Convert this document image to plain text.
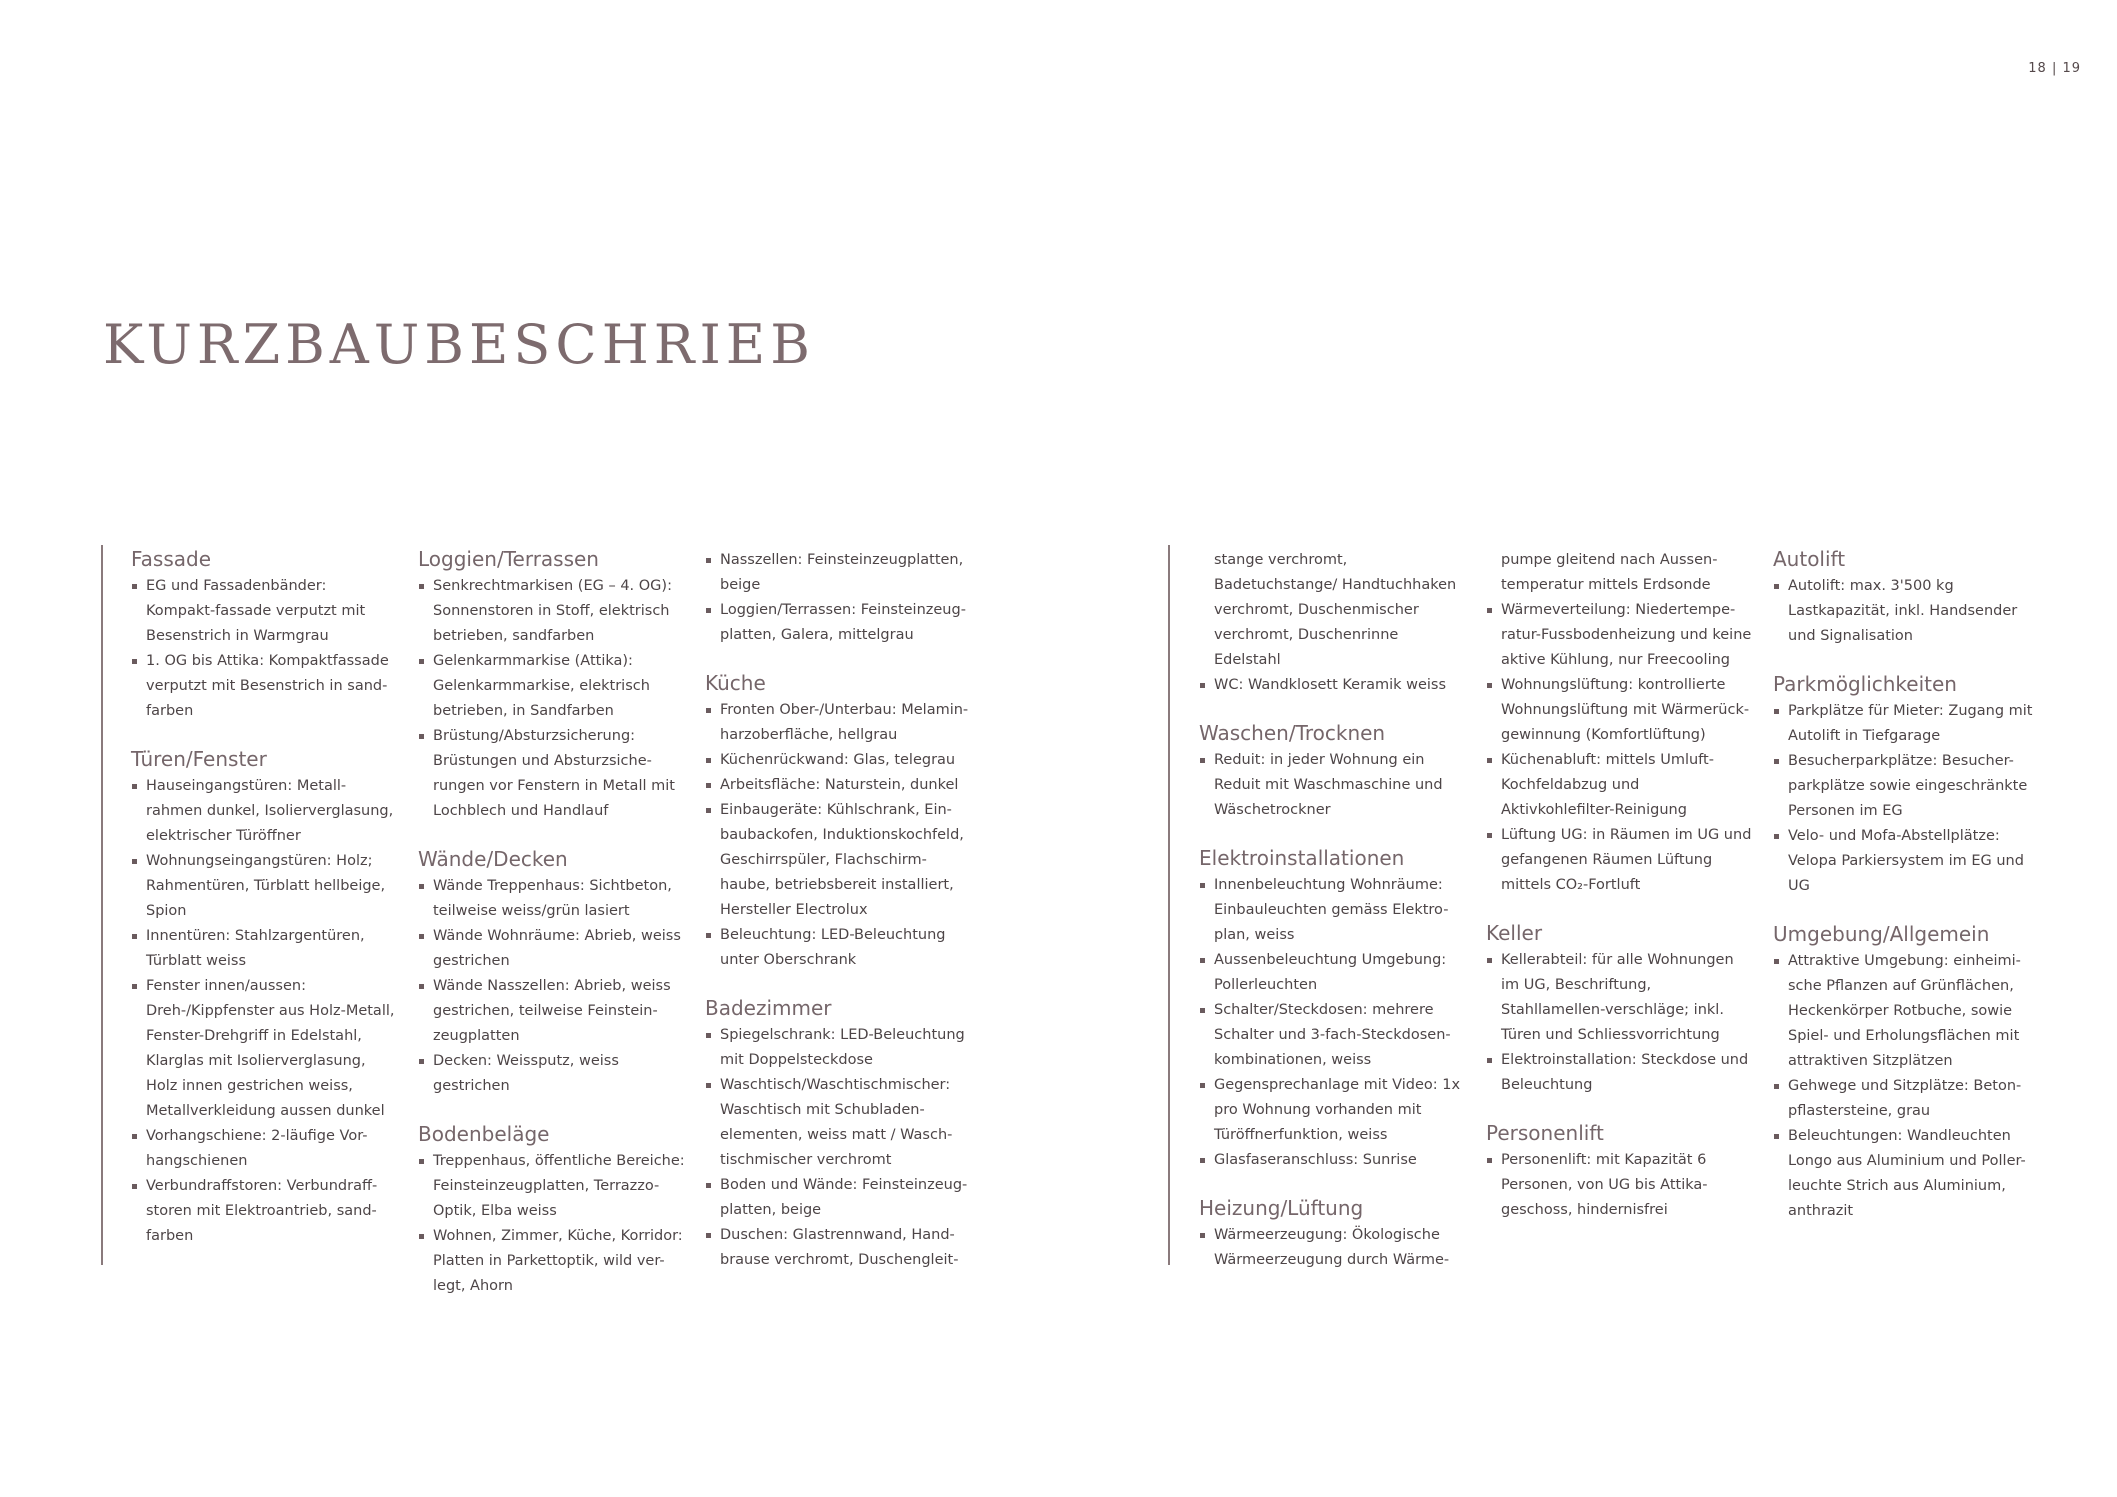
18 | 19
KURZBAUBESCHRIEB
Fassade
EG und Fassadenbänder: Kompakt-fassade verputzt mit Besenstrich in Warmgrau
1. OG bis Attika: Kompaktfassade verputzt mit Besenstrich in sand-farben
Türen/Fenster
Hauseingangstüren: Metall-rahmen dunkel, Isolierverglasung, elektrischer Türöffner
Wohnungseingangstüren: Holz; Rahmentüren, Türblatt hellbeige, Spion
Innentüren: Stahlzargentüren, Türblatt weiss
Fenster innen/aussen: Dreh-/Kippfenster aus Holz-Metall, Fenster-Drehgriff in Edelstahl, Klarglas mit Isolierverglasung, Holz innen gestrichen weiss, Metallverkleidung aussen dunkel
Vorhangschiene: 2-läufige Vor-hangschienen
Verbundraffstoren: Verbundraff-storen mit Elektroantrieb, sand-farben
Loggien/Terrassen
Senkrechtmarkisen (EG – 4. OG): Sonnenstoren in Stoff, elektrisch betrieben, sandfarben
Gelenkarmmarkise (Attika): Gelenkarmmarkise, elektrisch betrieben, in Sandfarben
Brüstung/Absturzsicherung: Brüstungen und Absturzsiche-rungen vor Fenstern in Metall mit Lochblech und Handlauf
Wände/Decken
Wände Treppenhaus: Sichtbeton, teilweise weiss/grün lasiert
Wände Wohnräume: Abrieb, weiss gestrichen
Wände Nasszellen: Abrieb, weiss gestrichen, teilweise Feinstein-zeugplatten
Decken: Weissputz, weiss gestrichen
Bodenbeläge
Treppenhaus, öffentliche Bereiche: Feinsteinzeugplatten, Terrazzo-Optik, Elba weiss
Wohnen, Zimmer, Küche, Korridor: Platten in Parkettoptik, wild ver-legt, Ahorn
Nasszellen: Feinsteinzeugplatten, beige
Loggien/Terrassen: Feinsteinzeug-platten, Galera, mittelgrau
Küche
Fronten Ober-/Unterbau: Melamin-harzoberfläche, hellgrau
Küchenrückwand: Glas, telegrau
Arbeitsfläche: Naturstein, dunkel
Einbaugeräte: Kühlschrank, Ein-baubackofen, Induktionskochfeld, Geschirrspüler, Flachschirm-haube, betriebsbereit installiert, Hersteller Electrolux
Beleuchtung: LED-Beleuchtung unter Oberschrank
Badezimmer
Spiegelschrank: LED-Beleuchtung mit Doppelsteckdose
Waschtisch/Waschtischmischer: Waschtisch mit Schubladen-elementen, weiss matt / Wasch-tischmischer verchromt
Boden und Wände: Feinsteinzeug-platten, beige
Duschen: Glastrennwand, Hand-brause verchromt, Duschengleit-
stange verchromt, Badetuchstange/ Handtuchhaken verchromt, Duschenmischer verchromt, Duschenrinne Edelstahl
WC: Wandklosett Keramik weiss
Waschen/Trocknen
Reduit: in jeder Wohnung ein Reduit mit Waschmaschine und Wäschetrockner
Elektroinstallationen
Innenbeleuchtung Wohnräume: Einbauleuchten gemäss Elektro-plan, weiss
Aussenbeleuchtung Umgebung: Pollerleuchten
Schalter/Steckdosen: mehrere Schalter und 3-fach-Steckdosen-kombinationen, weiss
Gegensprechanlage mit Video: 1x pro Wohnung vorhanden mit Türöffnerfunktion, weiss
Glasfaseranschluss: Sunrise
Heizung/Lüftung
Wärmeerzeugung: Ökologische Wärmeerzeugung durch Wärme-
pumpe gleitend nach Aussen-temperatur mittels Erdsonde
Wärmeverteilung: Niedertempe-ratur-Fussbodenheizung und keine aktive Kühlung, nur Freecooling
Wohnungslüftung: kontrollierte Wohnungslüftung mit Wärmerück-gewinnung (Komfortlüftung)
Küchenabluft: mittels Umluft-Kochfeldabzug und Aktivkohlefilter-Reinigung
Lüftung UG: in Räumen im UG und gefangenen Räumen Lüftung mittels CO₂-Fortluft
Keller
Kellerabteil: für alle Wohnungen im UG, Beschriftung, Stahllamellen-verschläge; inkl. Türen und Schliessvorrichtung
Elektroinstallation: Steckdose und Beleuchtung
Personenlift
Personenlift: mit Kapazität 6 Personen, von UG bis Attika-geschoss, hindernisfrei
Autolift
Autolift: max. 3'500 kg Lastkapazität, inkl. Handsender und Signalisation
Parkmöglichkeiten
Parkplätze für Mieter: Zugang mit Autolift in Tiefgarage
Besucherparkplätze: Besucher-parkplätze sowie eingeschränkte Personen im EG
Velo- und Mofa-Abstellplätze: Velopa Parkiersystem im EG und UG
Umgebung/Allgemein
Attraktive Umgebung: einheimi-sche Pflanzen auf Grünflächen, Heckenkörper Rotbuche, sowie Spiel- und Erholungsflächen mit attraktiven Sitzplätzen
Gehwege und Sitzplätze: Beton-pflastersteine, grau
Beleuchtungen: Wandleuchten Longo aus Aluminium und Poller-leuchte Strich aus Aluminium, anthrazit
